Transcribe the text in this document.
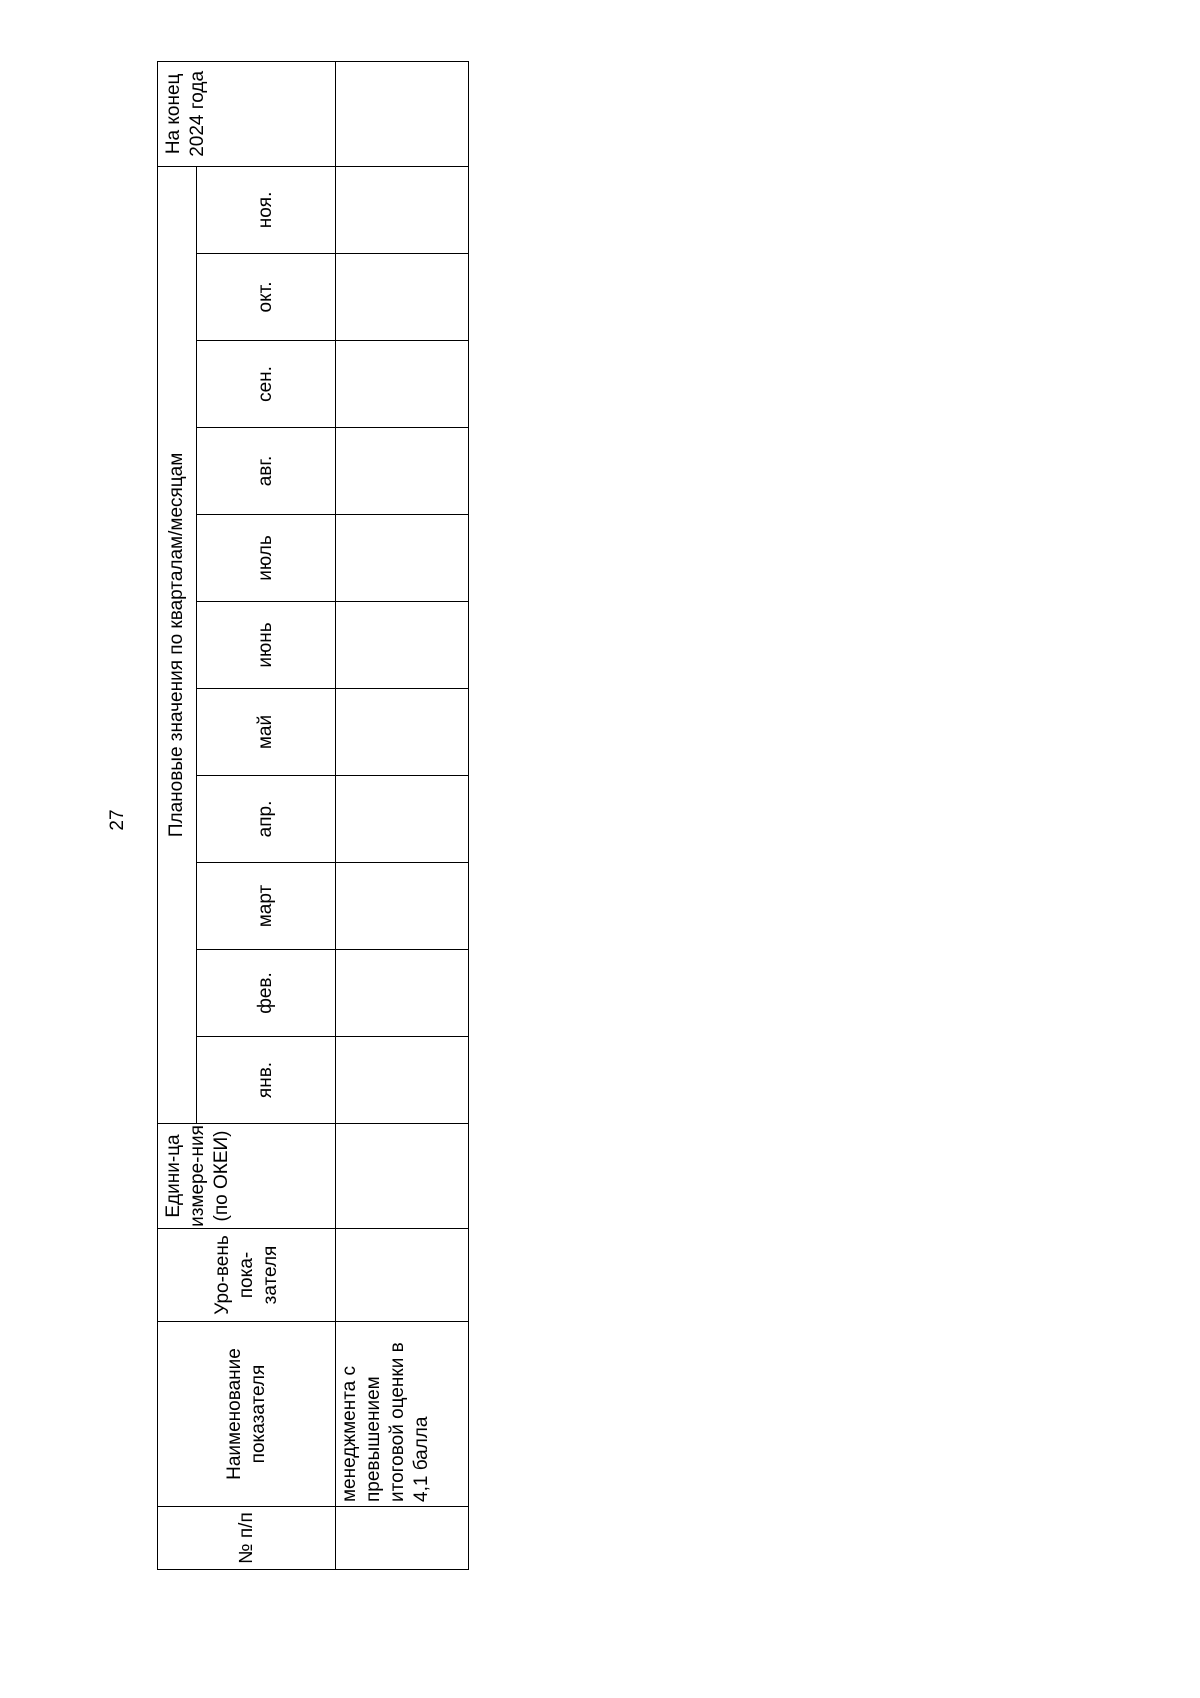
27
№ п/п	Наименование показателя	Уро-вень пока-зателя	Едини-ца измере-ния (по ОКЕИ)	Плановые значения по кварталам/месяцам											На конец 2024 года
				янв.	фев.	март	апр.	май	июнь	июль	авг.	сен.	окт.	ноя.	
	менеджмента с превышением итоговой оценки в 4,1 балла														
